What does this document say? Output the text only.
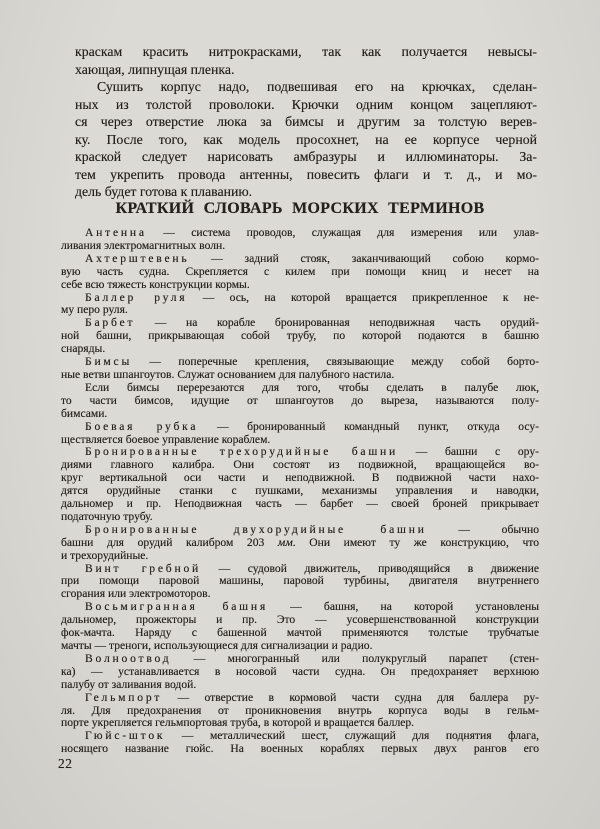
краскам красить нитрокрасками, так как получается невысы-
хающая, липнущая пленка.
Сушить корпус надо, подвешивая его на крючках, сделан-
ных из толстой проволоки. Крючки одним концом зацепляют-
ся через отверстие люка за бимсы и другим за толстую верев-
ку. После того, как модель просохнет, на ее корпусе черной
краской следует нарисовать амбразуры и иллюминаторы. За-
тем укрепить провода антенны, повесить флаги и т. д., и мо-
дель будет готова к плаванию.
КРАТКИЙ СЛОВАРЬ МОРСКИХ ТЕРМИНОВ
Антенна — система проводов, служащая для измерения или улав-
ливания электромагнитных волн.
Ахтерштевень — задний стояк, заканчивающий собою кормо-
вую часть судна. Скрепляется с килем при помощи книц и несет на
себе всю тяжесть конструкции кормы.
Баллер руля — ось, на которой вращается прикрепленное к не-
му перо руля.
Барбет — на корабле бронированная неподвижная часть орудий-
ной башни, прикрывающая собой трубу, по которой подаются в башню
снаряды.
Бимсы — поперечные крепления, связывающие между собой борто-
ные ветви шпангоутов. Служат основанием для палубного настила.
Если бимсы перерезаются для того, чтобы сделать в палубе люк,
то части бимсов, идущие от шпангоутов до выреза, называются полу-
бимсами.
Боевая рубка — бронированный командный пункт, откуда осу-
ществляется боевое управление кораблем.
Бронированные трехорудийные башни — башни с ору-
диями главного калибра. Они состоят из подвижной, вращающейся во-
круг вертикальной оси части и неподвижной. В подвижной части нахо-
дятся орудийные станки с пушками, механизмы управления и наводки,
дальномер и пр. Неподвижная часть — барбет — своей броней прикрывает
податочную трубу.
Бронированные двухорудийные башни — обычно
башни для орудий калибром 203 мм. Они имеют ту же конструкцию, что
и трехорудийные.
Винт гребной — судовой движитель, приводящийся в движение
при помощи паровой машины, паровой турбины, двигателя внутреннего
сгорания или электромоторов.
Восьмигранная башня — башня, на которой установлены
дальномер, прожекторы и пр. Это — усовершенствованной конструкции
фок-мачта. Наряду с башенной мачтой применяются толстые трубчатые
мачты — треноги, использующиеся для сигнализации и радио.
Волноотвод — многогранный или полукруглый парапет (стен-
ка) — устанавливается в носовой части судна. Он предохраняет верхнюю
палубу от заливания водой.
Гельмпорт — отверстие в кормовой части судна для баллера ру-
ля. Для предохранения от проникновения внутрь корпуса воды в гельм-
порте укрепляется гельмпортовая труба, в которой и вращается баллер.
Гюйс-шток — металлический шест, служащий для поднятия флага,
носящего название гюйс. На военных кораблях первых двух рангов его
22
